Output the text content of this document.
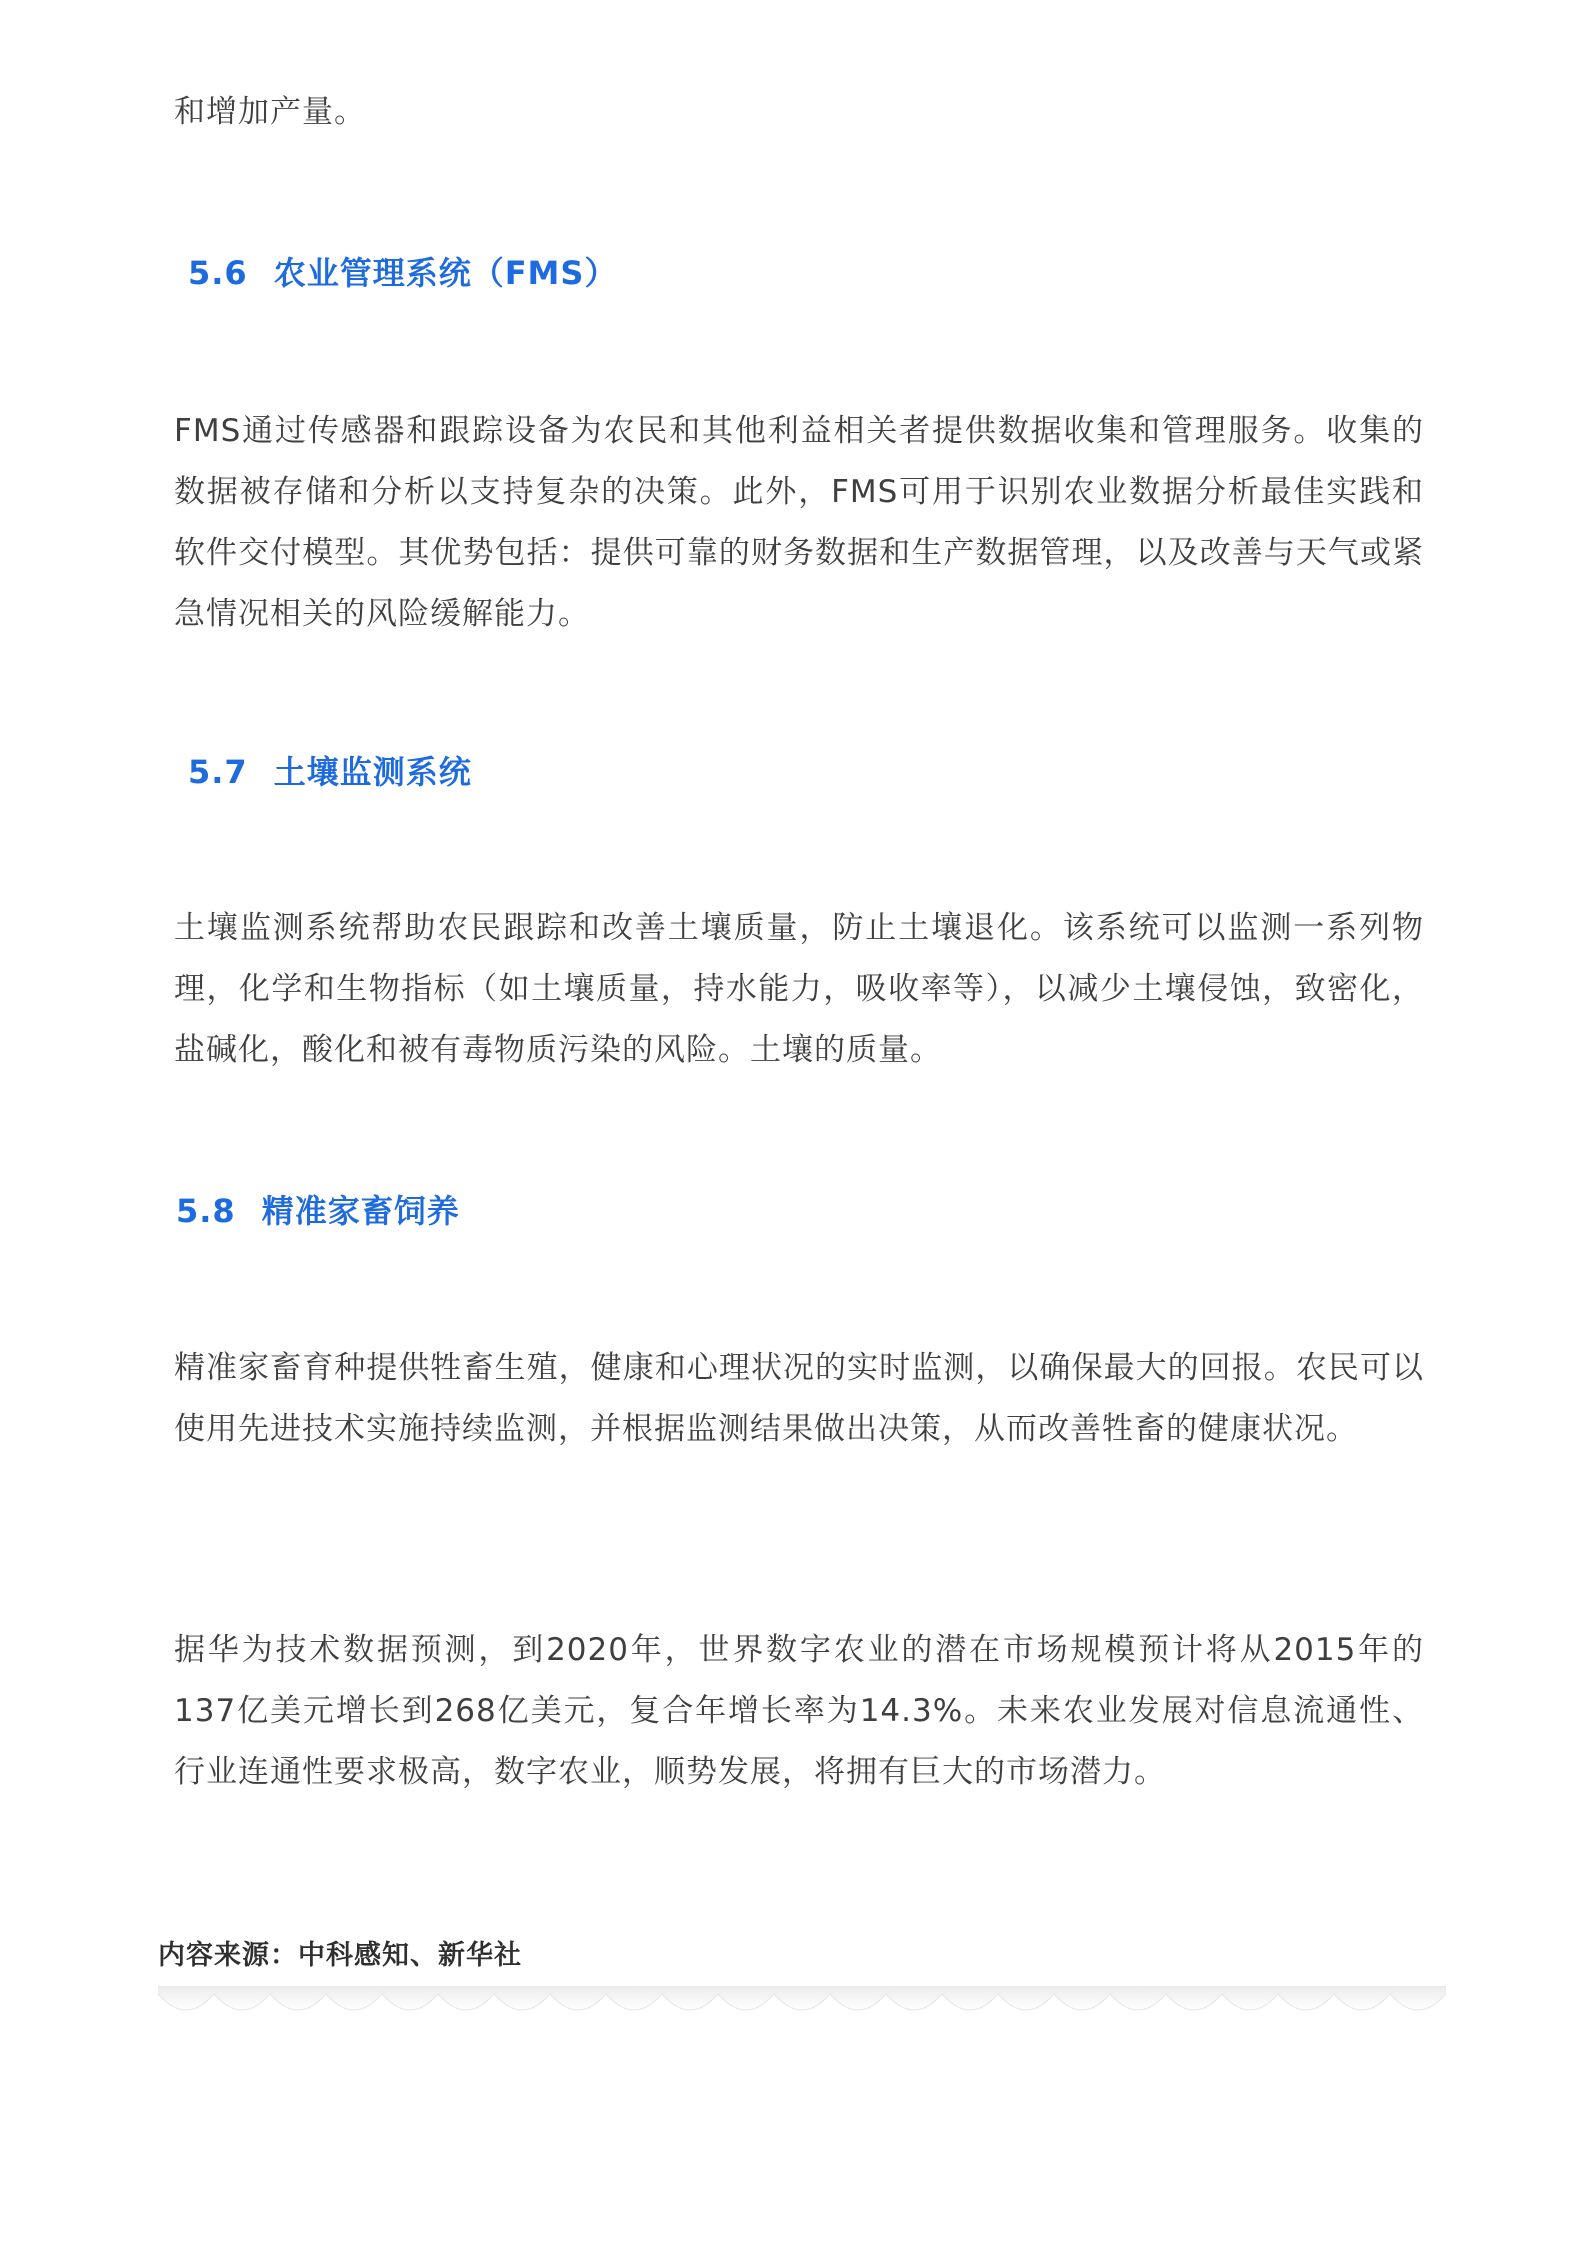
和增加产量。

5.6 农业管理系统（FMS）

FMS通过传感器和跟踪设备为农民和其他利益相关者提供数据收集和管理服务。收集的数据被存储和分析以支持复杂的决策。此外，FMS可用于识别农业数据分析最佳实践和软件交付模型。其优势包括：提供可靠的财务数据和生产数据管理，以及改善与天气或紧急情况相关的风险缓解能力。

5.7 土壤监测系统

土壤监测系统帮助农民跟踪和改善土壤质量，防止土壤退化。该系统可以监测一系列物理，化学和生物指标（如土壤质量，持水能力，吸收率等），以减少土壤侵蚀，致密化，盐碱化，酸化和被有毒物质污染的风险。土壤的质量。

5.8 精准家畜饲养

精准家畜育种提供牲畜生殖，健康和心理状况的实时监测，以确保最大的回报。农民可以使用先进技术实施持续监测，并根据监测结果做出决策，从而改善牲畜的健康状况。

据华为技术数据预测，到2020年，世界数字农业的潜在市场规模预计将从2015年的137亿美元增长到268亿美元，复合年增长率为14.3%。未来农业发展对信息流通性、行业连通性要求极高，数字农业，顺势发展，将拥有巨大的市场潜力。

内容来源：中科感知、新华社
